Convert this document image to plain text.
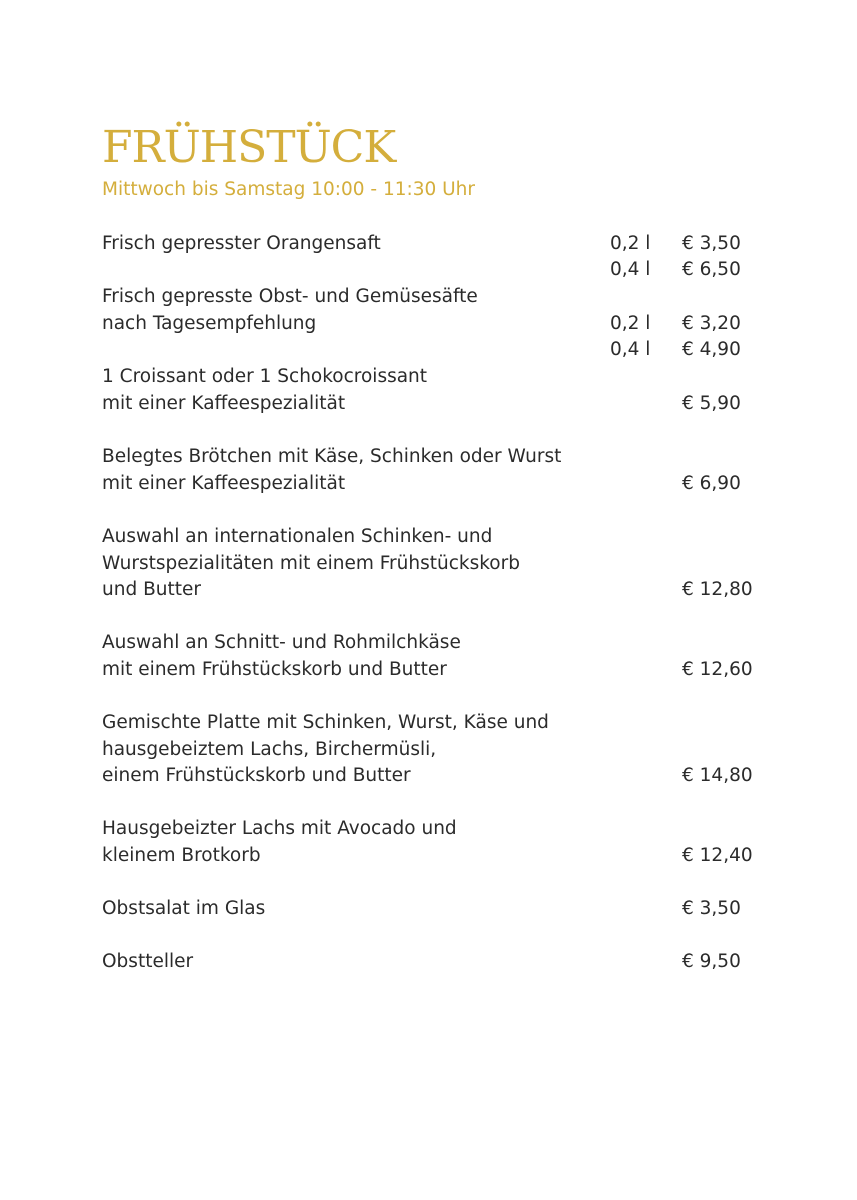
FRÜHSTÜCK
Mittwoch bis Samstag 10:00 - 11:30 Uhr
Frisch gepresster Orangensaft	0,2 l € 3,50
0,4 l € 6,50
Frisch gepresste Obst- und Gemüsesäfte
nach Tagesempfehlung	0,2 l € 3,20
0,4 l € 4,90
1 Croissant oder 1 Schokocroissant
mit einer Kaffeespezialität	€ 5,90
Belegtes Brötchen mit Käse, Schinken oder Wurst
mit einer Kaffeespezialität	€ 6,90
Auswahl an internationalen Schinken- und
Wurstspezialitäten mit einem Frühstückskorb
und Butter	€ 12,80
Auswahl an Schnitt- und Rohmilchkäse
mit einem Frühstückskorb und Butter	€ 12,60
Gemischte Platte mit Schinken, Wurst, Käse und
hausgebeiztem Lachs, Birchermüsli,
einem Frühstückskorb und Butter	€ 14,80
Hausgebeizter Lachs mit Avocado und
kleinem Brotkorb	€ 12,40
Obstsalat im Glas	€ 3,50
Obstteller	€ 9,50
